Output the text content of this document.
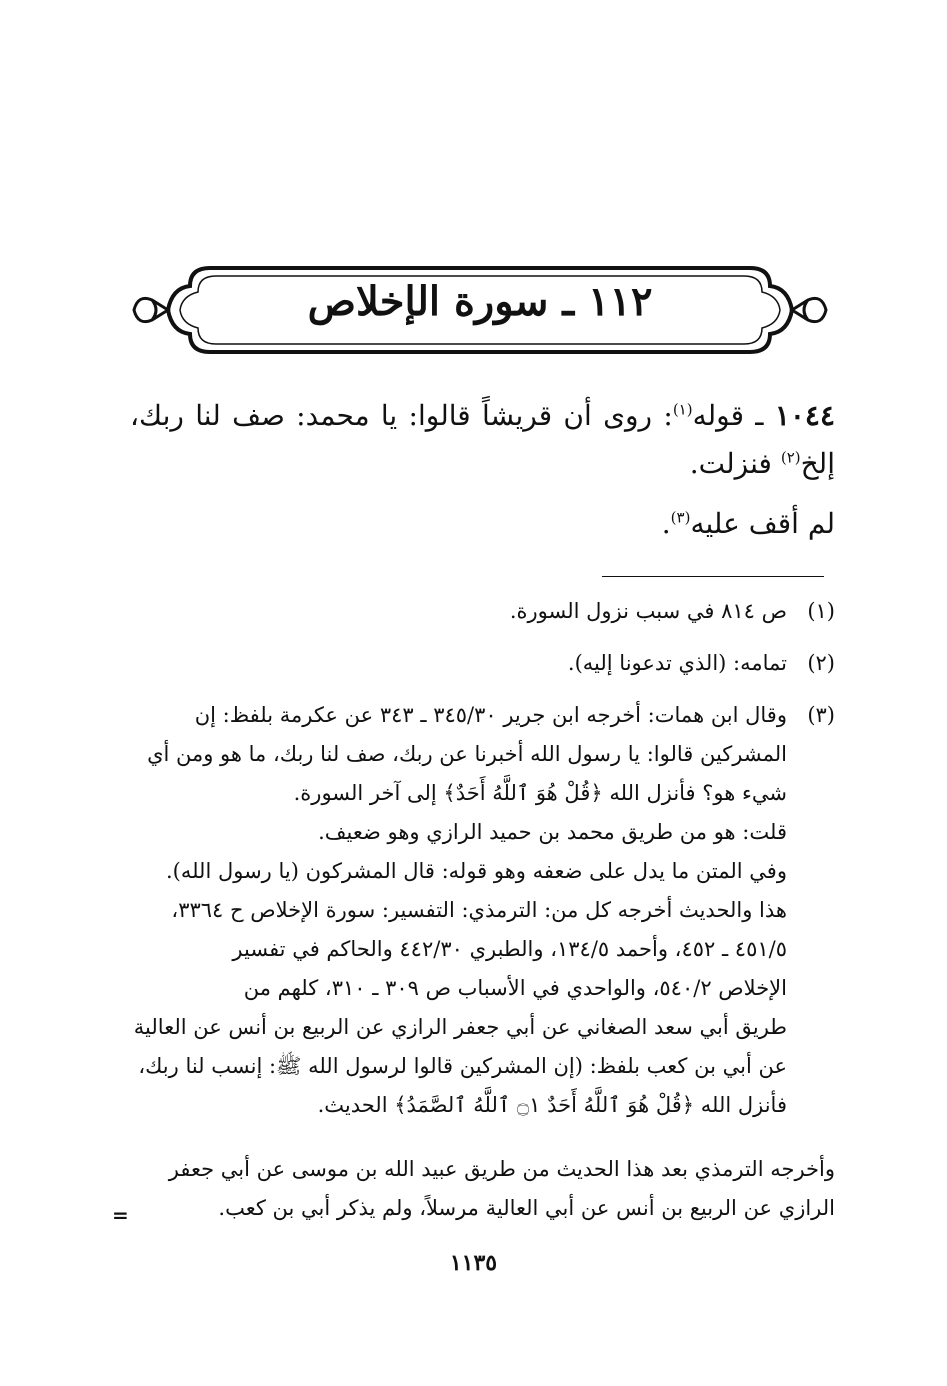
١١٢ ـ سورة الإخلاص
١٠٤٤ ـ قوله$^{(١)}$: روى أن قريشاً قالوا: يا محمد: صف لنا ربك، إلخ$^{(٢)}$ فنزلت.
لم أقف عليه$^{(٣)}$.
(١)ص ٨١٤ في سبب نزول السورة.
(٢)تمامه: (الذي تدعونا إليه).
(٣)وقال ابن همات: أخرجه ابن جرير ٣٤٥/٣٠ ـ ٣٤٣ عن عكرمة بلفظ: إن
المشركين قالوا: يا رسول الله أخبرنا عن ربك، صف لنا ربك، ما هو ومن أي
شيء هو؟ فأنزل الله ﴿قُلْ هُوَ ٱللَّهُ أَحَدٌ﴾ إلى آخر السورة.
قلت: هو من طريق محمد بن حميد الرازي وهو ضعيف.
وفي المتن ما يدل على ضعفه وهو قوله: قال المشركون (يا رسول الله).
هذا والحديث أخرجه كل من: الترمذي: التفسير: سورة الإخلاص ح ٣٣٦٤،
٤٥١/٥ ـ ٤٥٢، وأحمد ١٣٤/٥، والطبري ٤٤٢/٣٠ والحاكم في تفسير
الإخلاص ٥٤٠/٢، والواحدي في الأسباب ص ٣٠٩ ـ ٣١٠، كلهم من
طريق أبي سعد الصغاني عن أبي جعفر الرازي عن الربيع بن أنس عن العالية
عن أبي بن كعب بلفظ: (إن المشركين قالوا لرسول الله ﷺ: إنسب لنا ربك،
فأنزل الله ﴿قُلْ هُوَ ٱللَّهُ أَحَدٌ ۝١ ٱللَّهُ ٱلصَّمَدُ﴾ الحديث.
وأخرجه الترمذي بعد هذا الحديث من طريق عبيد الله بن موسى عن أبي جعفر
الرازي عن الربيع بن أنس عن أبي العالية مرسلاً، ولم يذكر أبي بن كعب.
=
١١٣٥
